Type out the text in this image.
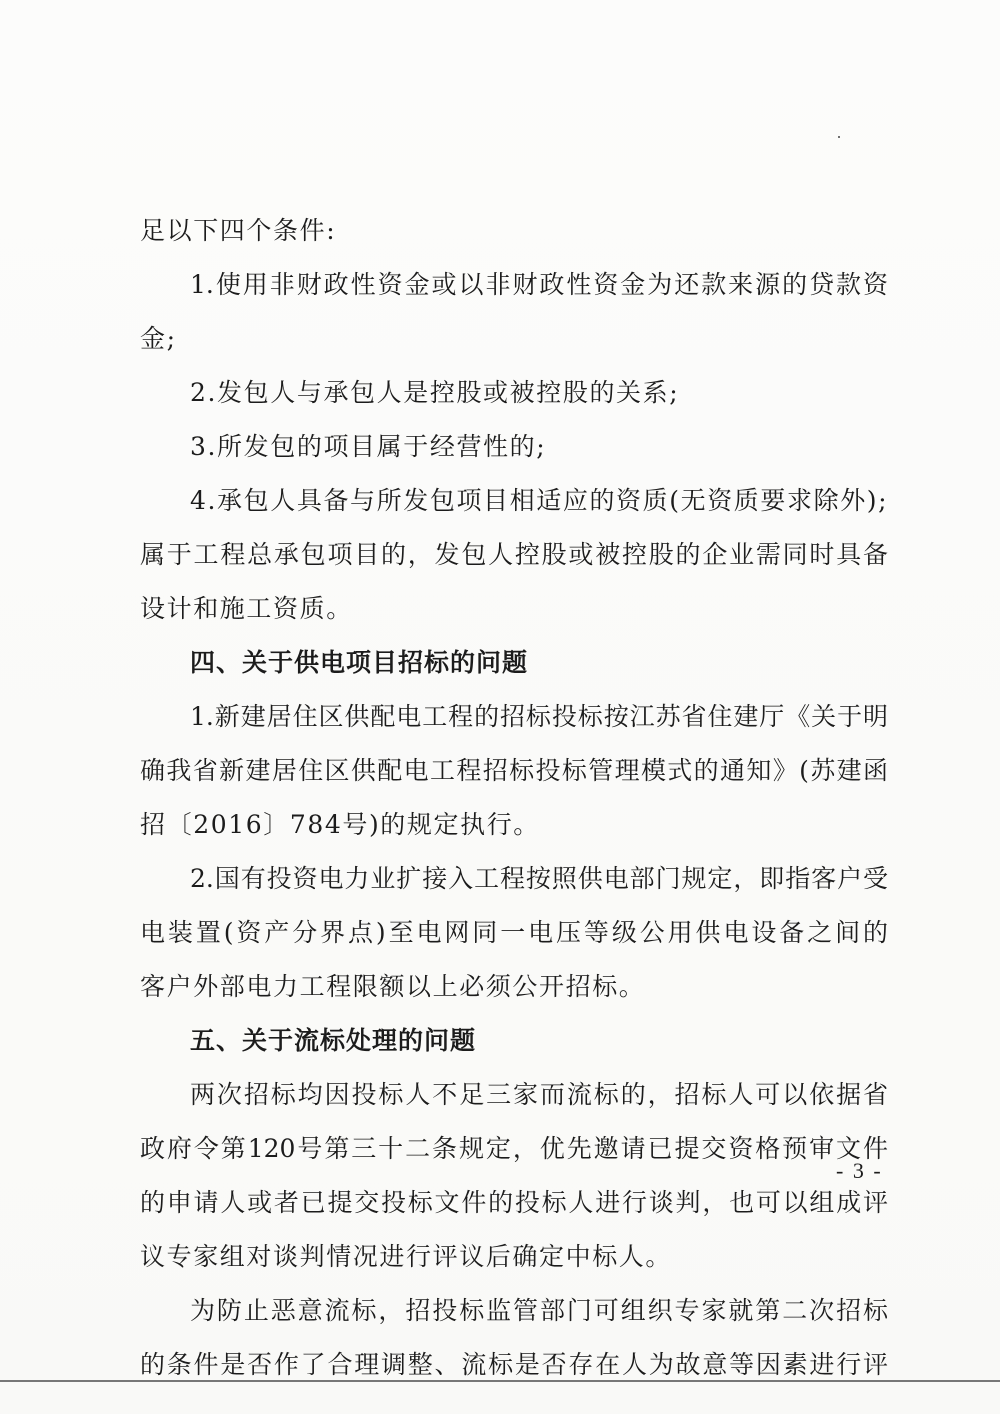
足以下四个条件:
1.使用非财政性资金或以非财政性资金为还款来源的贷款资
金;
2.发包人与承包人是控股或被控股的关系;
3.所发包的项目属于经营性的;
4.承包人具备与所发包项目相适应的资质(无资质要求除外);
属于工程总承包项目的，发包人控股或被控股的企业需同时具备
设计和施工资质。
四、关于供电项目招标的问题
1.新建居住区供配电工程的招标投标按江苏省住建厅《关于明
确我省新建居住区供配电工程招标投标管理模式的通知》(苏建函
招〔2016〕784号)的规定执行。
2.国有投资电力业扩接入工程按照供电部门规定，即指客户受
电装置(资产分界点)至电网同一电压等级公用供电设备之间的
客户外部电力工程限额以上必须公开招标。
五、关于流标处理的问题
两次招标均因投标人不足三家而流标的，招标人可以依据省
政府令第120号第三十二条规定，优先邀请已提交资格预审文件
的申请人或者已提交投标文件的投标人进行谈判，也可以组成评
议专家组对谈判情况进行评议后确定中标人。
为防止恶意流标，招投标监管部门可组织专家就第二次招标
的条件是否作了合理调整、流标是否存在人为故意等因素进行评
- 3 -
